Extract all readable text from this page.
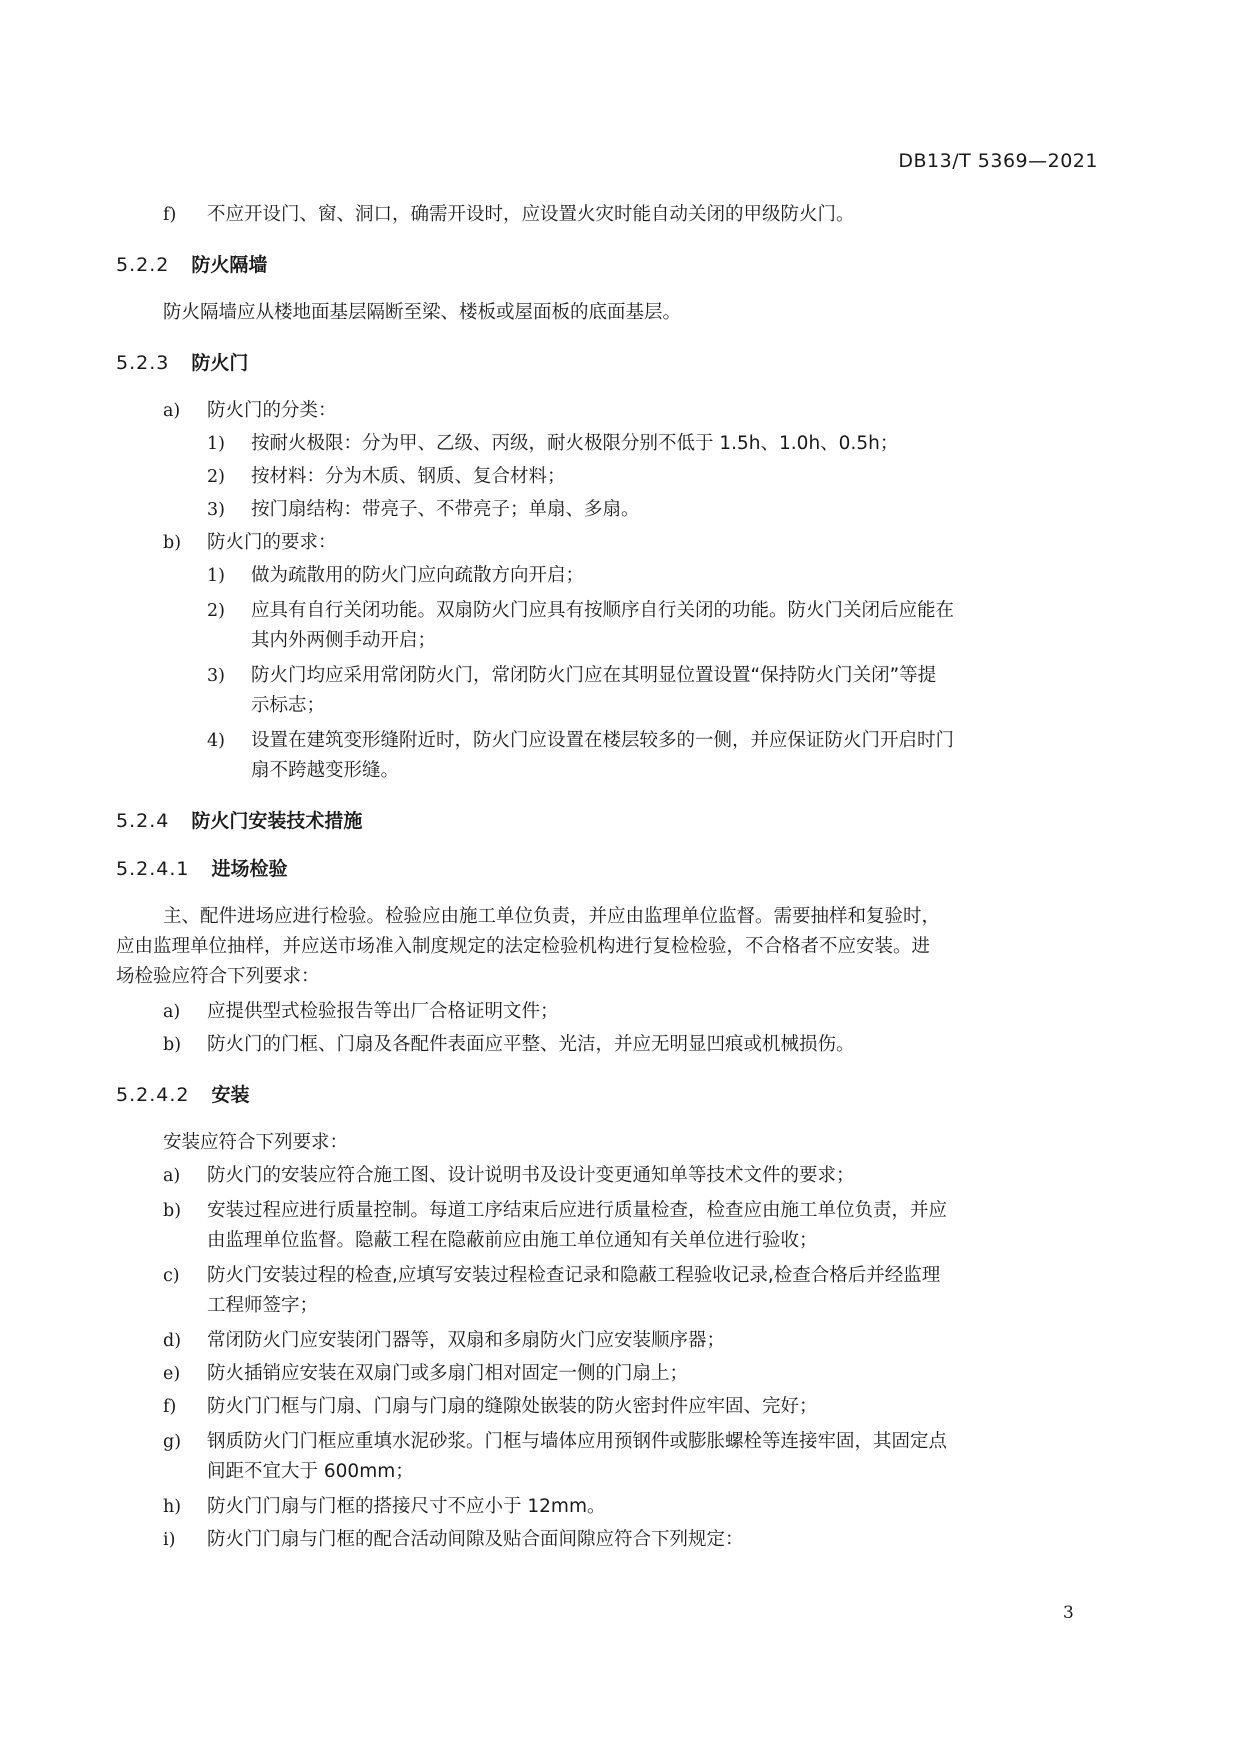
DB13/T 5369—2021
f) 不应开设门、窗、洞口，确需开设时，应设置火灾时能自动关闭的甲级防火门。
5.2.2 防火隔墙
防火隔墙应从楼地面基层隔断至梁、楼板或屋面板的底面基层。
5.2.3 防火门
a) 防火门的分类：
1) 按耐火极限：分为甲、乙级、丙级，耐火极限分别不低于 1.5h、1.0h、0.5h；
2) 按材料：分为木质、钢质、复合材料；
3) 按门扇结构：带亮子、不带亮子；单扇、多扇。
b) 防火门的要求：
1) 做为疏散用的防火门应向疏散方向开启；
2) 应具有自行关闭功能。双扇防火门应具有按顺序自行关闭的功能。防火门关闭后应能在
其内外两侧手动开启；
3) 防火门均应采用常闭防火门，常闭防火门应在其明显位置设置“保持防火门关闭”等提
示标志；
4) 设置在建筑变形缝附近时，防火门应设置在楼层较多的一侧，并应保证防火门开启时门
扇不跨越变形缝。
5.2.4 防火门安装技术措施
5.2.4.1 进场检验
主、配件进场应进行检验。检验应由施工单位负责，并应由监理单位监督。需要抽样和复验时，
应由监理单位抽样，并应送市场准入制度规定的法定检验机构进行复检检验，不合格者不应安装。进
场检验应符合下列要求：
a) 应提供型式检验报告等出厂合格证明文件；
b) 防火门的门框、门扇及各配件表面应平整、光洁，并应无明显凹痕或机械损伤。
5.2.4.2 安装
安装应符合下列要求：
a) 防火门的安装应符合施工图、设计说明书及设计变更通知单等技术文件的要求；
b) 安装过程应进行质量控制。每道工序结束后应进行质量检查，检查应由施工单位负责，并应
由监理单位监督。隐蔽工程在隐蔽前应由施工单位通知有关单位进行验收；
c) 防火门安装过程的检查,应填写安装过程检查记录和隐蔽工程验收记录,检查合格后并经监理
工程师签字；
d) 常闭防火门应安装闭门器等，双扇和多扇防火门应安装顺序器；
e) 防火插销应安装在双扇门或多扇门相对固定一侧的门扇上；
f) 防火门门框与门扇、门扇与门扇的缝隙处嵌装的防火密封件应牢固、完好；
g) 钢质防火门门框应重填水泥砂浆。门框与墙体应用预钢件或膨胀螺栓等连接牢固，其固定点
间距不宜大于 600mm；
h) 防火门门扇与门框的搭接尺寸不应小于 12mm。
i) 防火门门扇与门框的配合活动间隙及贴合面间隙应符合下列规定：
3
